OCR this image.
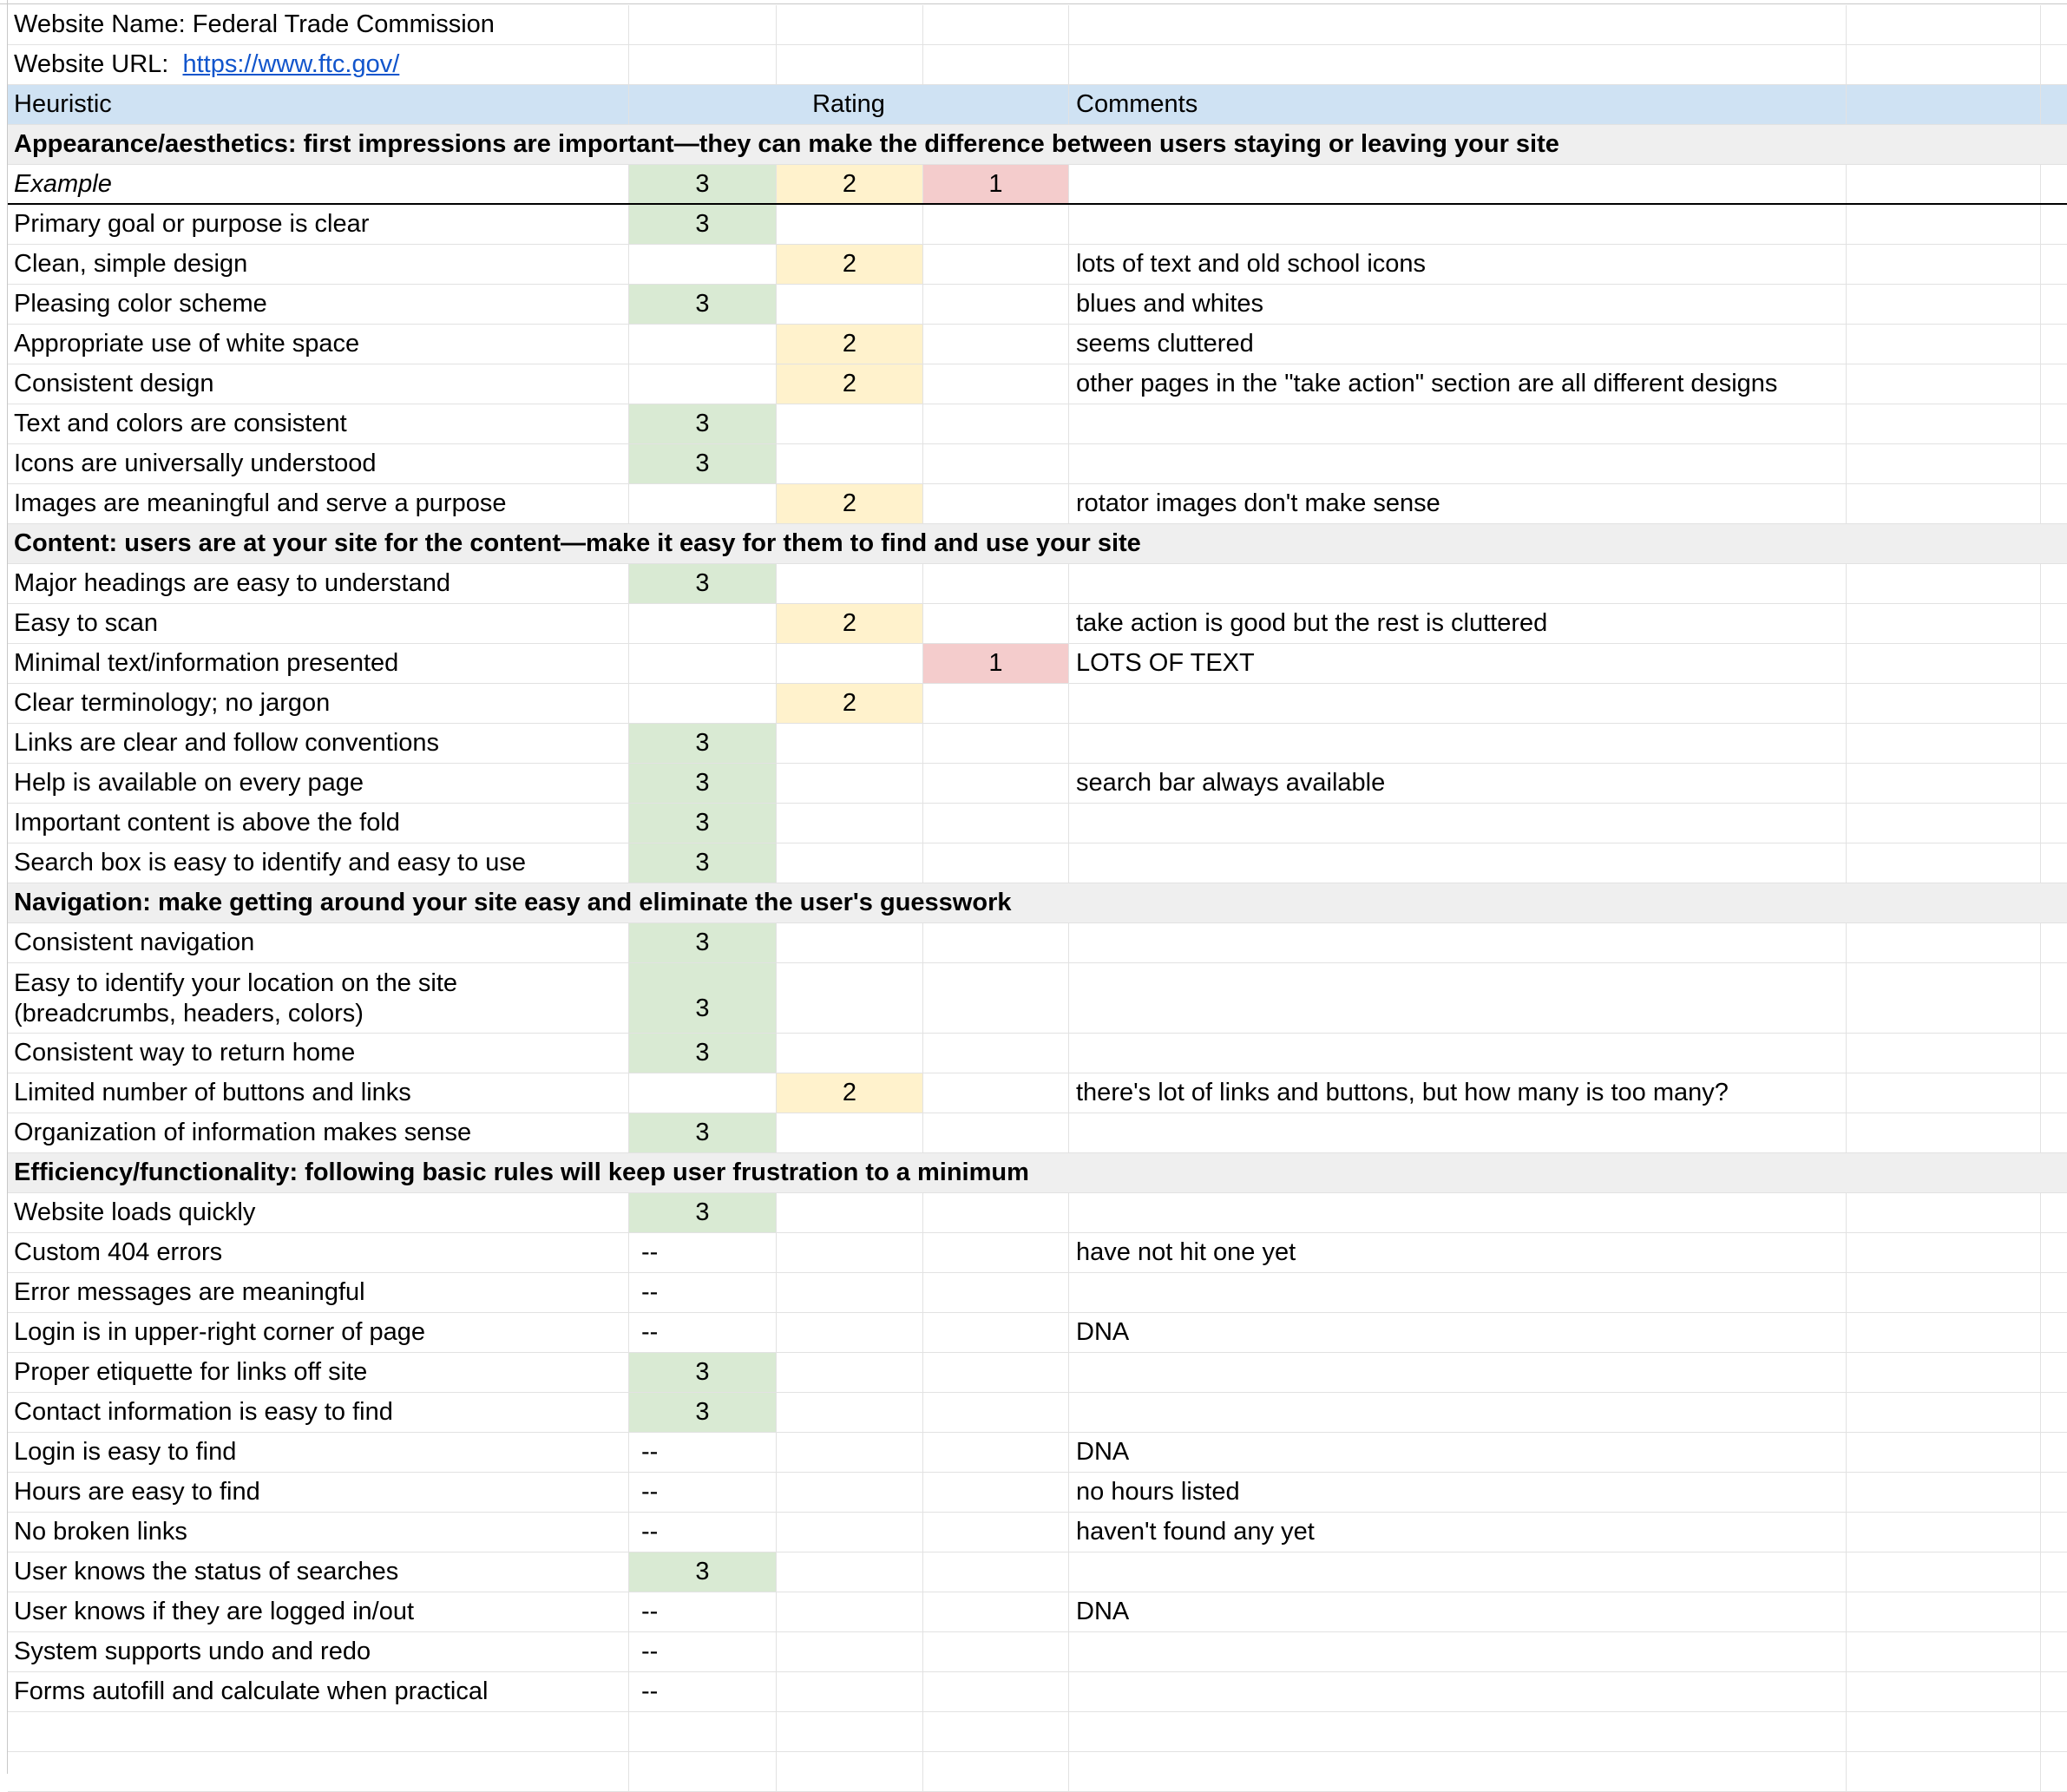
Website Name: Federal Trade Commission
Website URL:  https://www.ftc.gov/
Heuristic	Rating	Comments
Appearance/aesthetics: first impressions are important—they can make the difference between users staying or leaving your site
Example	3	2	1
Primary goal or purpose is clear	3
Clean, simple design	2	lots of text and old school icons
Pleasing color scheme	3	blues and whites
Appropriate use of white space	2	seems cluttered
Consistent design	2	other pages in the "take action" section are all different designs
Text and colors are consistent	3
Icons are universally understood	3
Images are meaningful and serve a purpose	2	rotator images don't make sense
Content: users are at your site for the content—make it easy for them to find and use your site
Major headings are easy to understand	3
Easy to scan	2	take action is good but the rest is cluttered
Minimal text/information presented	1	LOTS OF TEXT
Clear terminology; no jargon	2
Links are clear and follow conventions	3
Help is available on every page	3	search bar always available
Important content is above the fold	3
Search box is easy to identify and easy to use	3
Navigation: make getting around your site easy and eliminate the user's guesswork
Consistent navigation	3
Easy to identify your location on the site
(breadcrumbs, headers, colors)	3
Consistent way to return home	3
Limited number of buttons and links	2	there's lot of links and buttons, but how many is too many?
Organization of information makes sense	3
Efficiency/functionality: following basic rules will keep user frustration to a minimum
Website loads quickly	3
Custom 404 errors	--	have not hit one yet
Error messages are meaningful	--
Login is in upper-right corner of page	--	DNA
Proper etiquette for links off site	3
Contact information is easy to find	3
Login is easy to find	--	DNA
Hours are easy to find	--	no hours listed
No broken links	--	haven't found any yet
User knows the status of searches	3
User knows if they are logged in/out	--	DNA
System supports undo and redo	--
Forms autofill and calculate when practical	--
